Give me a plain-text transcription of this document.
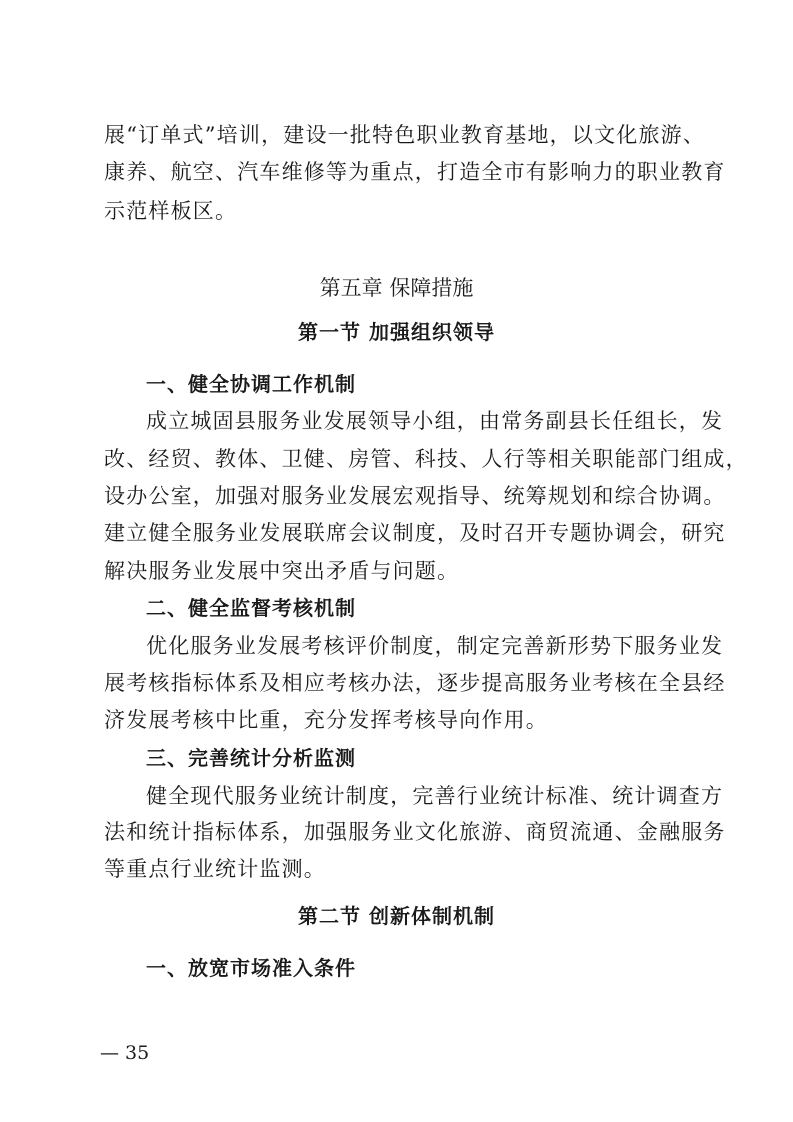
展“订单式”培训，建设一批特色职业教育基地，以文化旅游、
康养、航空、汽车维修等为重点，打造全市有影响力的职业教育
示范样板区。
第五章 保障措施
第一节 加强组织领导
一、健全协调工作机制
成立城固县服务业发展领导小组，由常务副县长任组长，发
改、经贸、教体、卫健、房管、科技、人行等相关职能部门组成，
设办公室，加强对服务业发展宏观指导、统筹规划和综合协调。
建立健全服务业发展联席会议制度，及时召开专题协调会，研究
解决服务业发展中突出矛盾与问题。
二、健全监督考核机制
优化服务业发展考核评价制度，制定完善新形势下服务业发
展考核指标体系及相应考核办法，逐步提高服务业考核在全县经
济发展考核中比重，充分发挥考核导向作用。
三、完善统计分析监测
健全现代服务业统计制度，完善行业统计标准、统计调查方
法和统计指标体系，加强服务业文化旅游、商贸流通、金融服务
等重点行业统计监测。
第二节 创新体制机制
一、放宽市场准入条件
— 35
